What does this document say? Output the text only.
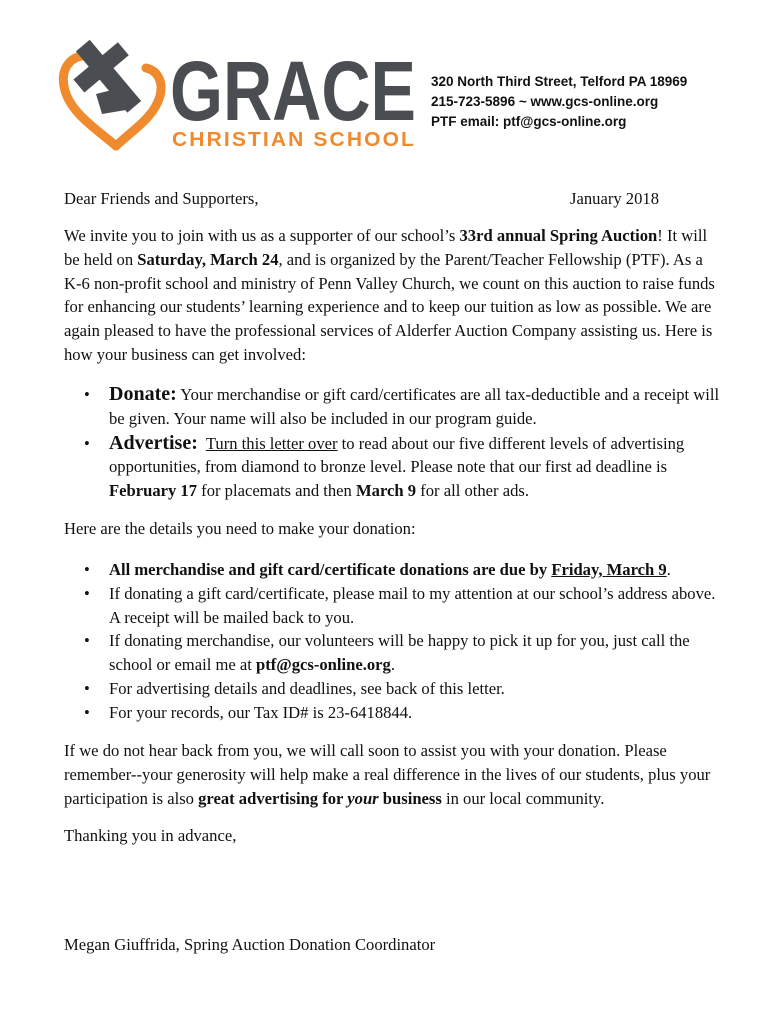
GRACE
CHRISTIAN SCHOOL
320 North Third Street, Telford PA 18969
215-723-5896 ~ www.gcs-online.org
PTF email: ptf@gcs-online.org
Dear Friends and Supporters,	January 2018
We invite you to join with us as a supporter of our school’s 33rd annual Spring Auction! It will be held on Saturday, March 24, and is organized by the Parent/Teacher Fellowship (PTF). As a K-6 non-profit school and ministry of Penn Valley Church, we count on this auction to raise funds for enhancing our students’ learning experience and to keep our tuition as low as possible. We are again pleased to have the professional services of Alderfer Auction Company assisting us. Here is how your business can get involved:
• Donate: Your merchandise or gift card/certificates are all tax-deductible and a receipt will be given. Your name will also be included in our program guide.
• Advertise: Turn this letter over to read about our five different levels of advertising opportunities, from diamond to bronze level. Please note that our first ad deadline is February 17 for placemats and then March 9 for all other ads.
Here are the details you need to make your donation:
• All merchandise and gift card/certificate donations are due by Friday, March 9.
• If donating a gift card/certificate, please mail to my attention at our school’s address above. A receipt will be mailed back to you.
• If donating merchandise, our volunteers will be happy to pick it up for you, just call the school or email me at ptf@gcs-online.org.
• For advertising details and deadlines, see back of this letter.
• For your records, our Tax ID# is 23-6418844.
If we do not hear back from you, we will call soon to assist you with your donation. Please remember--your generosity will help make a real difference in the lives of our students, plus your participation is also great advertising for your business in our local community.
Thanking you in advance,
Megan Giuffrida, Spring Auction Donation Coordinator
